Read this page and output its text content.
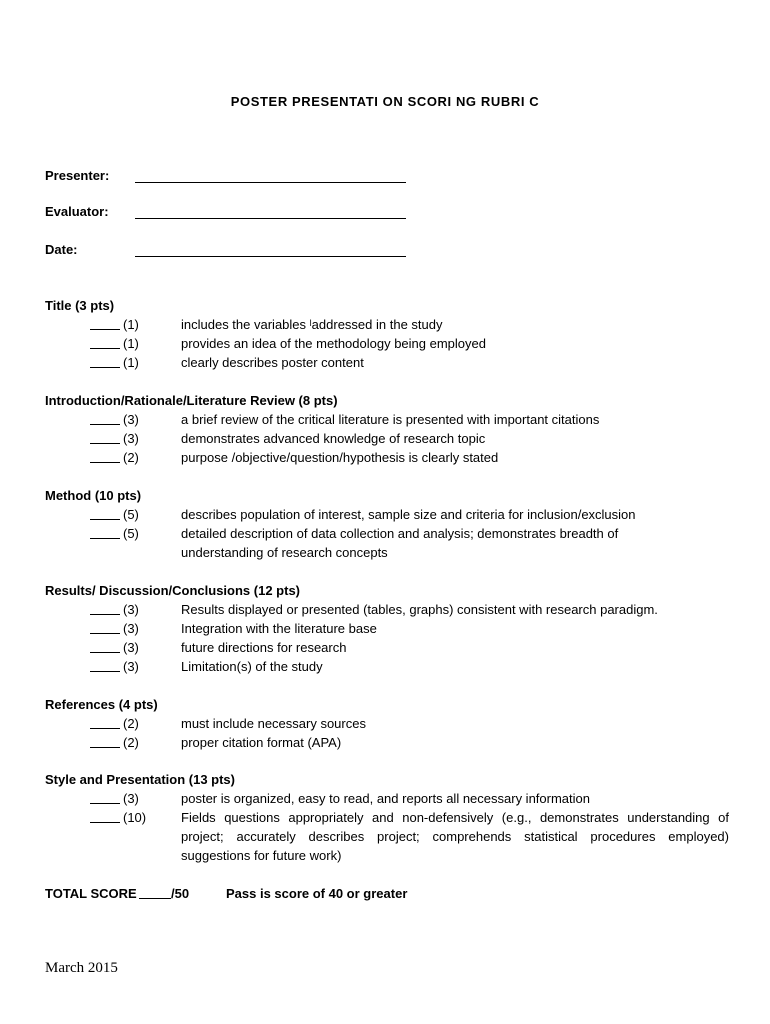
POSTER PRESENTATI ON SCORI NG RUBRI C
Presenter:
Evaluator:
Date:
Title (3 pts)
(1)	includes the variables ˡaddressed in the study
(1)	provides an idea of the methodology being employed
(1)	clearly describes poster content
Introduction/Rationale/Literature Review (8 pts)
(3)	a brief review of the critical literature is presented with important citations
(3)	demonstrates advanced knowledge of research topic
(2)	purpose /objective/question/hypothesis is clearly stated
Method (10 pts)
(5)	describes population of interest, sample size and criteria for inclusion/exclusion
(5)	detailed description of data collection and analysis; demonstrates breadth of understanding of research concepts
Results/ Discussion/Conclusions (12 pts)
(3)	Results displayed or presented (tables, graphs) consistent with research paradigm.
(3)	Integration with the literature base
(3)	future directions for research
(3)	Limitation(s) of the study
References (4 pts)
(2)	must include necessary sources
(2)	proper citation format (APA)
Style and Presentation (13 pts)
(3)	poster is organized, easy to read, and reports all necessary information
(10)	Fields questions appropriately and non-defensively (e.g., demonstrates understanding of project; accurately describes project; comprehends statistical procedures employed) suggestions for future work)
TOTAL SCORE	/50	Pass is score of 40 or greater
March 2015
